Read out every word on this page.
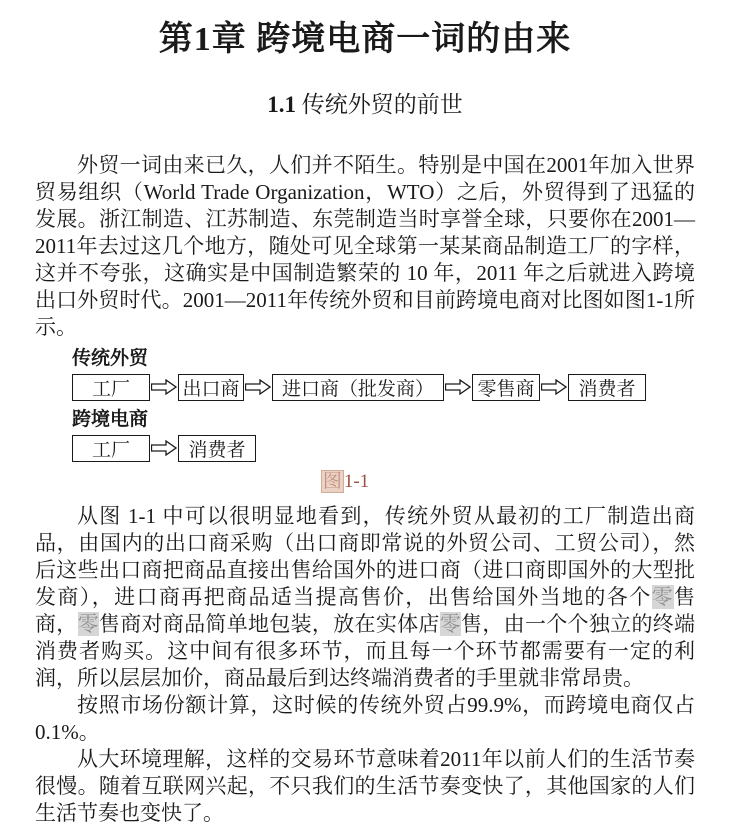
第1章 跨境电商一词的由来
1.1 传统外贸的前世

外贸一词由来已久，人们并不陌生。特别是中国在2001年加入世界贸易组织（World Trade Organization，WTO）之后，外贸得到了迅猛的发展。浙江制造、江苏制造、东莞制造当时享誉全球，只要你在2001—2011年去过这几个地方，随处可见全球第一某某商品制造工厂的字样，这并不夸张，这确实是中国制造繁荣的 10 年，2011 年之后就进入跨境出口外贸时代。2001—2011年传统外贸和目前跨境电商对比图如图1-1所示。

传统外贸
工厂	出口商	进口商（批发商）	零售商	消费者
跨境电商
工厂	消费者
图 1-1

从图 1-1 中可以很明显地看到，传统外贸从最初的工厂制造出商品，由国内的出口商采购（出口商即常说的外贸公司、工贸公司），然后这些出口商把商品直接出售给国外的进口商（进口商即国外的大型批发商），进口商再把商品适当提高售价，出售给国外当地的各个零售商，零售商对商品简单地包装，放在实体店零售，由一个个独立的终端消费者购买。这中间有很多环节，而且每一个环节都需要有一定的利润，所以层层加价，商品最后到达终端消费者的手里就非常昂贵。

按照市场份额计算，这时候的传统外贸占99.9%，而跨境电商仅占0.1%。

从大环境理解，这样的交易环节意味着2011年以前人们的生活节奏很慢。随着互联网兴起，不只我们的生活节奏变快了，其他国家的人们生活节奏也变快了。
